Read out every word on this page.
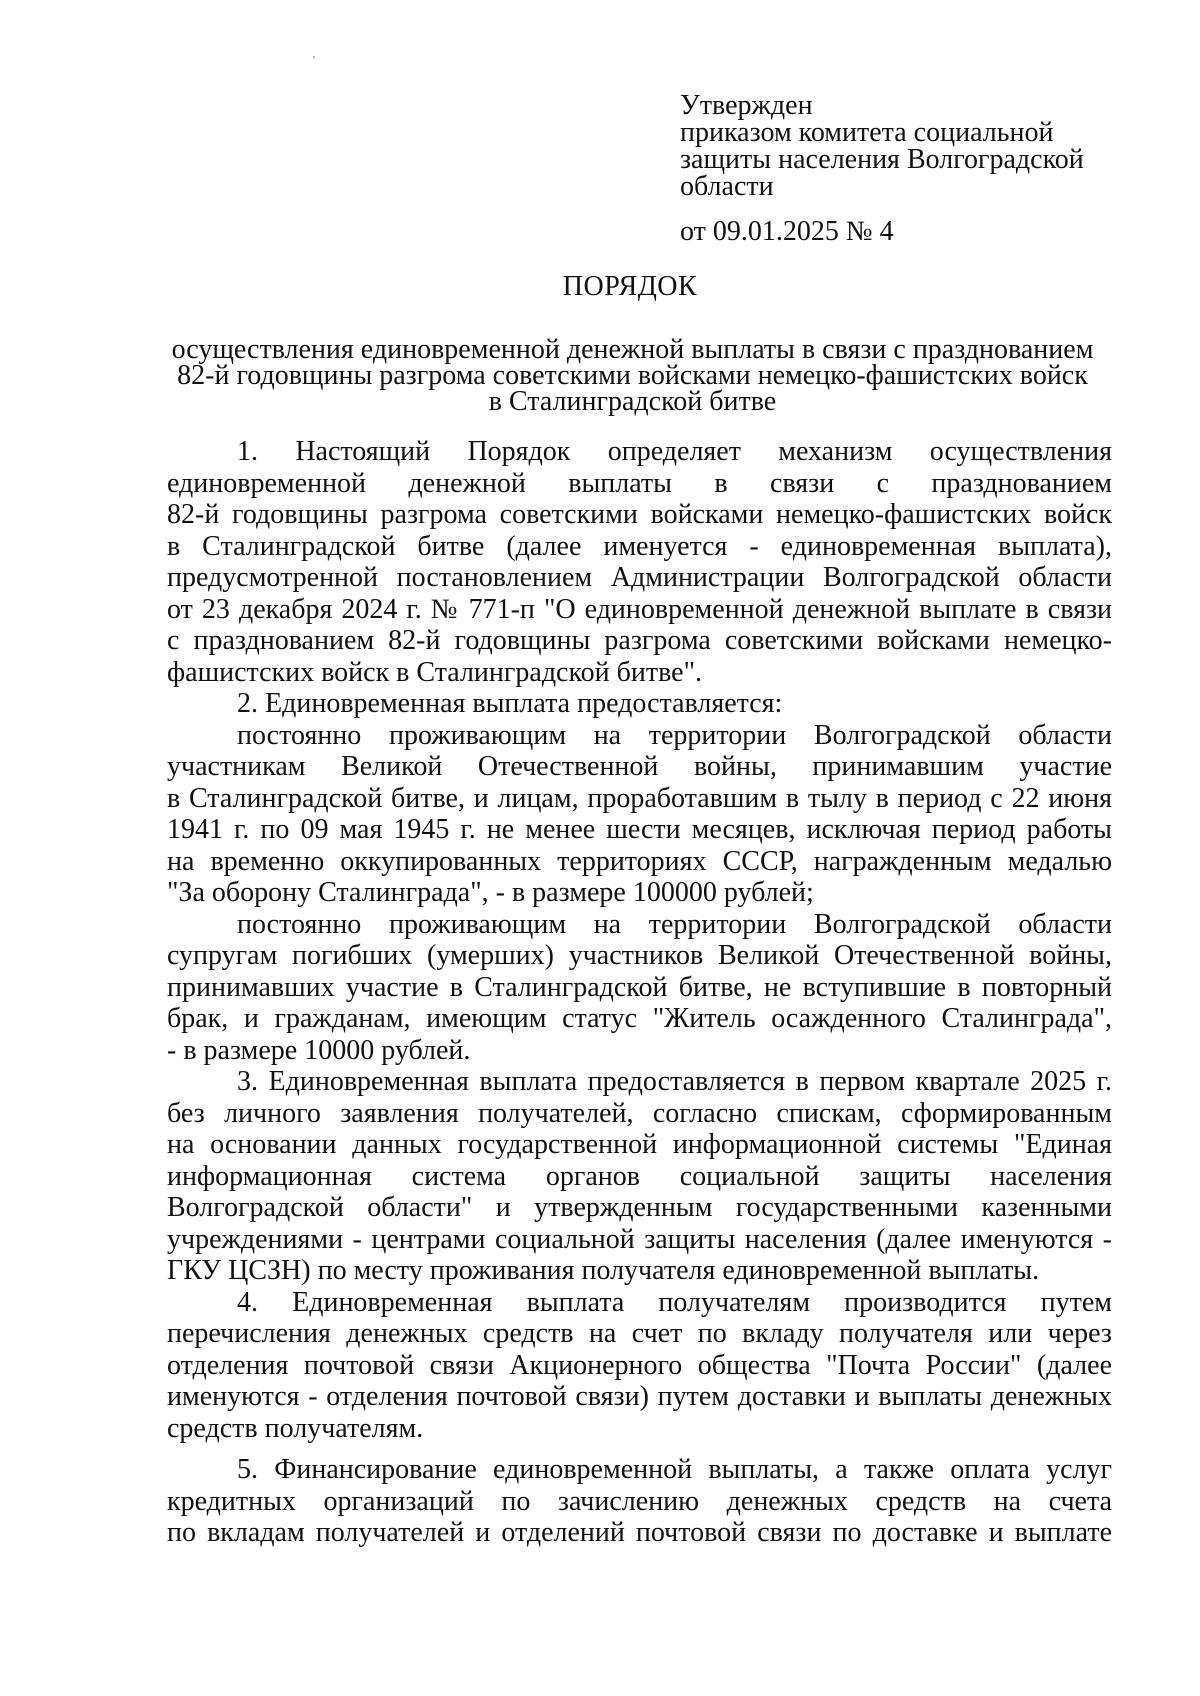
Утвержден
приказом комитета социальной
защиты населения Волгоградской
области
от 09.01.2025 № 4
ПОРЯДОК
осуществления единовременной денежной выплаты в связи с празднованием
82-й годовщины разгрома советскими войсками немецко-фашистских войск
в Сталинградской битве
1. Настоящий Порядок определяет механизм осуществления
единовременной денежной выплаты в связи с празднованием
82-й годовщины разгрома советскими войсками немецко-фашистских войск
в Сталинградской битве (далее именуется - единовременная выплата),
предусмотренной постановлением Администрации Волгоградской области
от 23 декабря 2024 г. № 771-п "О единовременной денежной выплате в связи
с празднованием 82-й годовщины разгрома советскими войсками немецко-
фашистских войск в Сталинградской битве".
2. Единовременная выплата предоставляется:
постоянно проживающим на территории Волгоградской области
участникам Великой Отечественной войны, принимавшим участие
в Сталинградской битве, и лицам, проработавшим в тылу в период с 22 июня
1941 г. по 09 мая 1945 г. не менее шести месяцев, исключая период работы
на временно оккупированных территориях СССР, награжденным медалью
"За оборону Сталинграда", - в размере 100000 рублей;
постоянно проживающим на территории Волгоградской области
супругам погибших (умерших) участников Великой Отечественной войны,
принимавших участие в Сталинградской битве, не вступившие в повторный
брак, и гражданам, имеющим статус "Житель осажденного Сталинграда",
- в размере 10000 рублей.
3. Единовременная выплата предоставляется в первом квартале 2025 г.
без личного заявления получателей, согласно спискам, сформированным
на основании данных государственной информационной системы "Единая
информационная система органов социальной защиты населения
Волгоградской области" и утвержденным государственными казенными
учреждениями - центрами социальной защиты населения (далее именуются -
ГКУ ЦСЗН) по месту проживания получателя единовременной выплаты.
4. Единовременная выплата получателям производится путем
перечисления денежных средств на счет по вкладу получателя или через
отделения почтовой связи Акционерного общества "Почта России" (далее
именуются - отделения почтовой связи) путем доставки и выплаты денежных
средств получателям.
5. Финансирование единовременной выплаты, а также оплата услуг
кредитных организаций по зачислению денежных средств на счета
по вкладам получателей и отделений почтовой связи по доставке и выплате
